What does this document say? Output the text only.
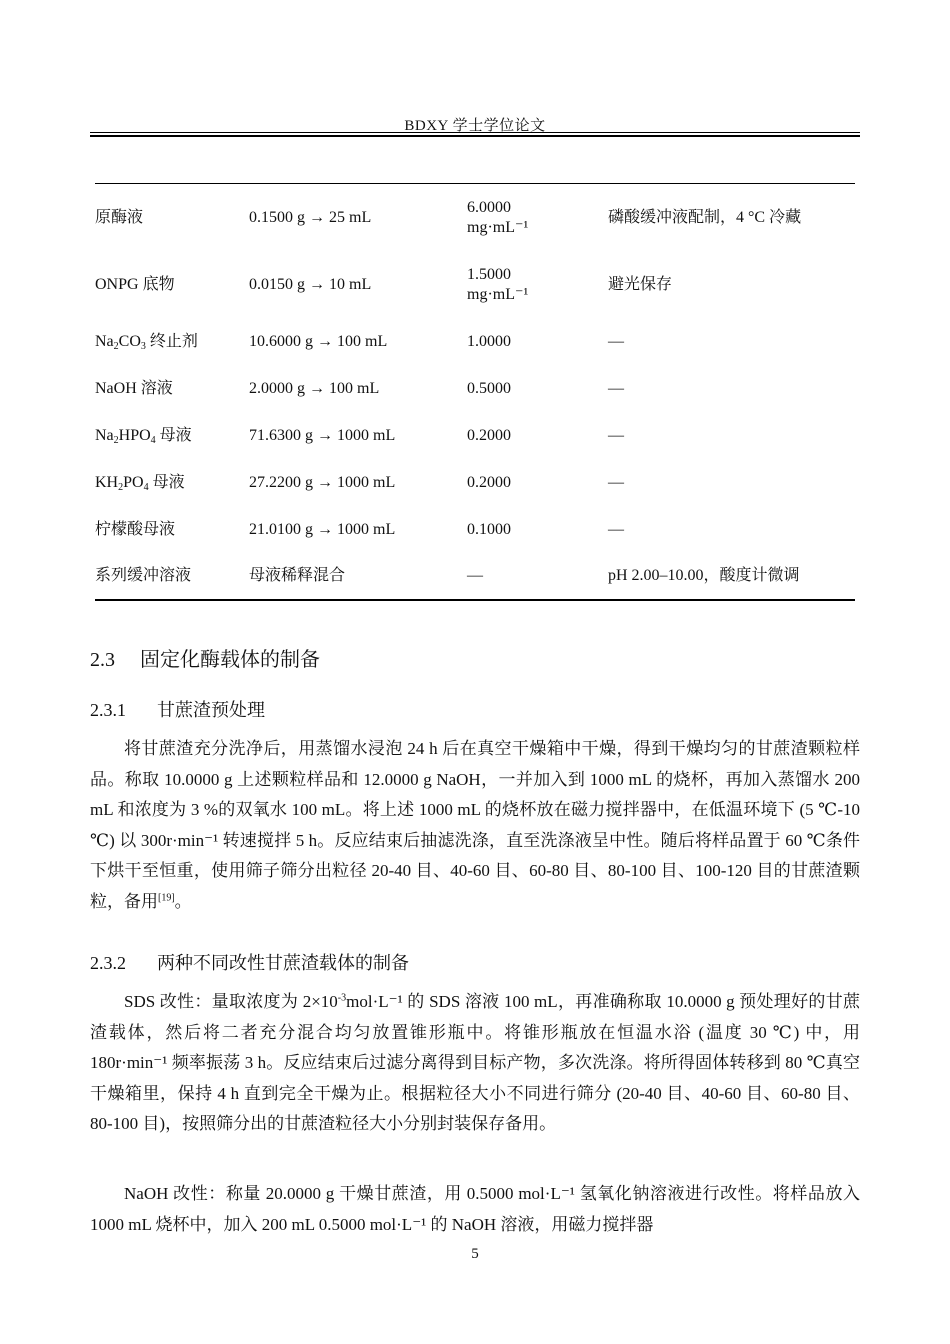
BDXY 学士学位论文
原酶液	0.1500 g → 25 mL	6.0000
mg·mL⁻¹	磷酸缓冲液配制，4 °C 冷藏
ONPG 底物	0.0150 g → 10 mL	1.5000
mg·mL⁻¹	避光保存
$Na_2CO_3$ 终止剂	10.6000 g → 100 mL	1.0000	—
NaOH 溶液	2.0000 g → 100 mL	0.5000	—
$Na_2HPO_4$ 母液	71.6300 g → 1000 mL	0.2000	—
$KH_2PO_4$ 母液	27.2200 g → 1000 mL	0.2000	—
柠檬酸母液	21.0100 g → 1000 mL	0.1000	—
系列缓冲溶液	母液稀释混合	—	pH 2.00–10.00，酸度计微调
2.3 固定化酶载体的制备
2.3.1 甘蔗渣预处理

将甘蔗渣充分洗净后，用蒸馏水浸泡 24 h 后在真空干燥箱中干燥，得到干燥均匀的甘蔗渣颗粒样品。称取 10.0000 g 上述颗粒样品和 12.0000 g NaOH，一并加入到 1000 mL 的烧杯，再加入蒸馏水 200 mL 和浓度为 3 %的双氧水 100 mL。将上述 1000 mL 的烧杯放在磁力搅拌器中，在低温环境下 (5 ℃-10 ℃) 以 300r·min⁻¹ 转速搅拌 5 h。反应结束后抽滤洗涤，直至洗涤液呈中性。随后将样品置于 60 ℃条件下烘干至恒重，使用筛子筛分出粒径 20-40 目、40-60 目、60-80 目、80-100 目、100-120 目的甘蔗渣颗粒，备用[19]。

2.3.2 两种不同改性甘蔗渣载体的制备

SDS 改性：量取浓度为 $2\times 10^{-3}mol\cdot L^{-1}$ 的 SDS 溶液 100 mL，再准确称取 10.0000 g 预处理好的甘蔗渣载体，然后将二者充分混合均匀放置锥形瓶中。将锥形瓶放在恒温水浴 (温度 30 ℃) 中，用 180r·min⁻¹ 频率振荡 3 h。反应结束后过滤分离得到目标产物，多次洗涤。将所得固体转移到 80 ℃真空干燥箱里，保持 4 h 直到完全干燥为止。根据粒径大小不同进行筛分 (20-40 目、40-60 目、60-80 目、80-100 目)，按照筛分出的甘蔗渣粒径大小分别封装保存备用。

NaOH 改性：称量 20.0000 g 干燥甘蔗渣，用 0.5000 mol·L⁻¹ 氢氧化钠溶液进行改性。将样品放入 1000 mL 烧杯中，加入 200 mL 0.5000 mol·L⁻¹ 的 NaOH 溶液，用磁力搅拌器

5
